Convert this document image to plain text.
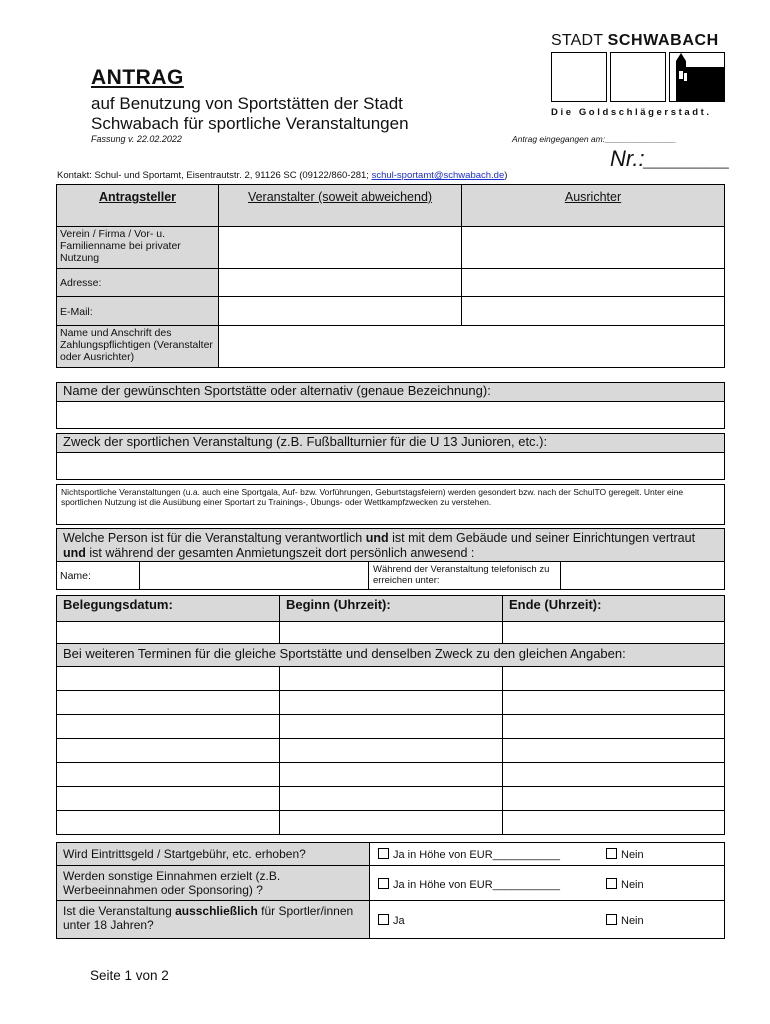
ANTRAG
auf Benutzung von Sportstätten der Stadt Schwabach für sportliche Veranstaltungen
Fassung v. 22.02.2022
STADT SCHWABACH
Die Goldschlägerstadt.
Antrag eingegangen am:_______________
Nr.:_______
Kontakt: Schul- und Sportamt, Eisentrautstr. 2, 91126 SC (09122/860-281; schul-sportamt@schwabach.de)
Antragsteller	Veranstalter (soweit abweichend)	Ausrichter
Verein / Firma / Vor- u. Familienname bei privater Nutzung
Adresse:
E-Mail:
Name und Anschrift des Zahlungspflichtigen (Veranstalter oder Ausrichter)
Name der gewünschten Sportstätte oder alternativ (genaue Bezeichnung):
Zweck der sportlichen Veranstaltung (z.B. Fußballturnier für die U 13 Junioren, etc.):
Nichtsportliche Veranstaltungen (u.a. auch eine Sportgala, Auf- bzw. Vorführungen, Geburtstagsfeiern) werden gesondert bzw. nach der SchulTO geregelt. Unter eine sportlichen Nutzung ist die Ausübung einer Sportart zu Trainings-, Übungs- oder Wettkampfzwecken zu verstehen.
Welche Person ist für die Veranstaltung verantwortlich und ist mit dem Gebäude und seiner Einrichtungen vertraut und ist während der gesamten Anmietungszeit dort persönlich anwesend :
Name:
Während der Veranstaltung telefonisch zu erreichen unter:
Belegungsdatum:	Beginn (Uhrzeit):	Ende (Uhrzeit):
Bei weiteren Terminen für die gleiche Sportstätte und denselben Zweck zu den gleichen Angaben:
Wird Eintrittsgeld / Startgebühr, etc. erhoben?	Ja in Höhe von EUR___________	Nein
Werden sonstige Einnahmen erzielt (z.B. Werbeeinnahmen oder Sponsoring) ?	Ja in Höhe von EUR___________	Nein
Ist die Veranstaltung ausschließlich für Sportler/innen unter 18 Jahren?	Ja	Nein
Seite 1 von 2
